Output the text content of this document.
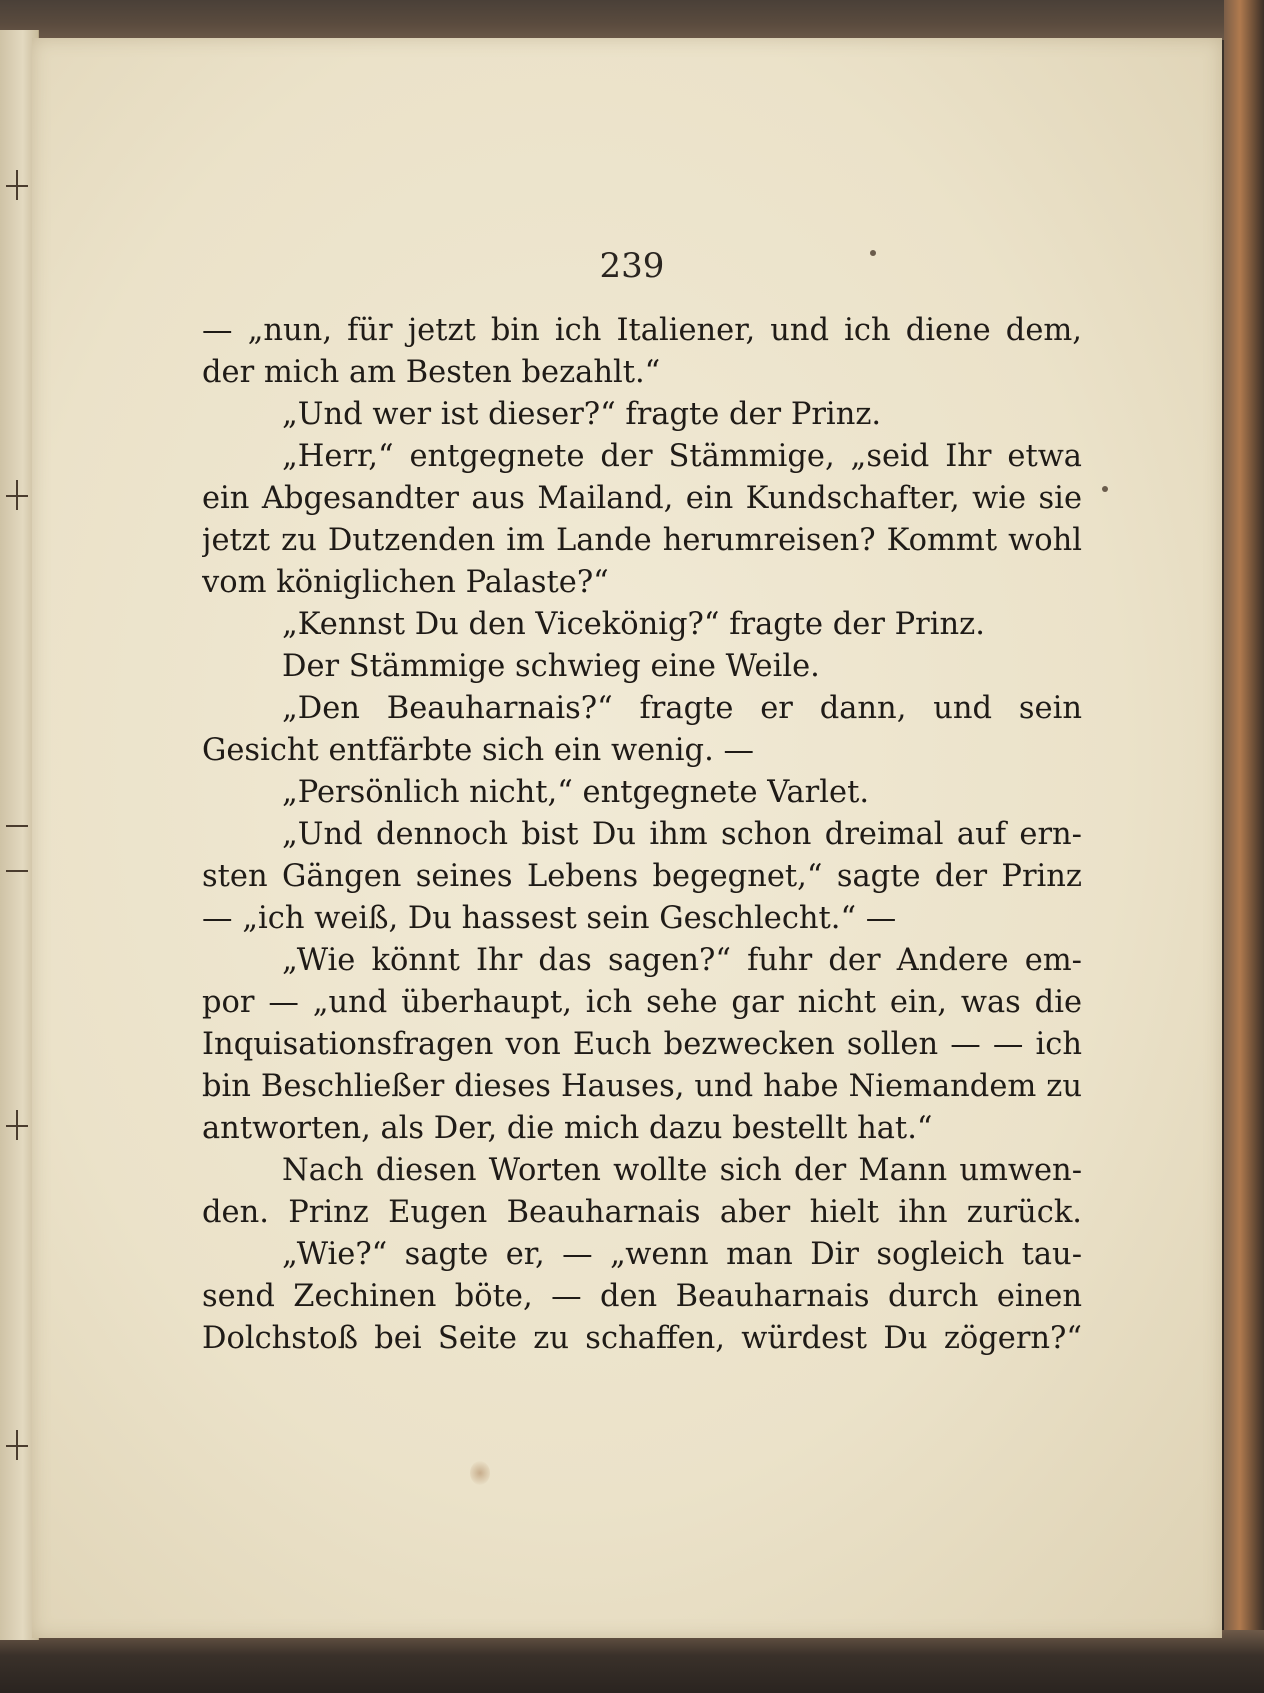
239
— „nun, für jetzt bin ich Italiener, und ich diene dem,
der mich am Besten bezahlt.“
„Und wer ist dieser?“ fragte der Prinz.
„Herr,“ entgegnete der Stämmige, „seid Ihr etwa
ein Abgesandter aus Mailand, ein Kundschafter, wie sie
jetzt zu Dutzenden im Lande herumreisen? Kommt wohl
vom königlichen Palaste?“
„Kennst Du den Vicekönig?“ fragte der Prinz.
Der Stämmige schwieg eine Weile.
„Den Beauharnais?“ fragte er dann, und sein
Gesicht entfärbte sich ein wenig. —
„Persönlich nicht,“ entgegnete Varlet.
„Und dennoch bist Du ihm schon dreimal auf ern-
sten Gängen seines Lebens begegnet,“ sagte der Prinz
— „ich weiß, Du hassest sein Geschlecht.“ —
„Wie könnt Ihr das sagen?“ fuhr der Andere em-
por — „und überhaupt, ich sehe gar nicht ein, was die
Inquisationsfragen von Euch bezwecken sollen — — ich
bin Beschließer dieses Hauses, und habe Niemandem zu
antworten, als Der, die mich dazu bestellt hat.“
Nach diesen Worten wollte sich der Mann umwen-
den. Prinz Eugen Beauharnais aber hielt ihn zurück.
„Wie?“ sagte er, — „wenn man Dir sogleich tau-
send Zechinen böte, — den Beauharnais durch einen
Dolchstoß bei Seite zu schaffen, würdest Du zögern?“
